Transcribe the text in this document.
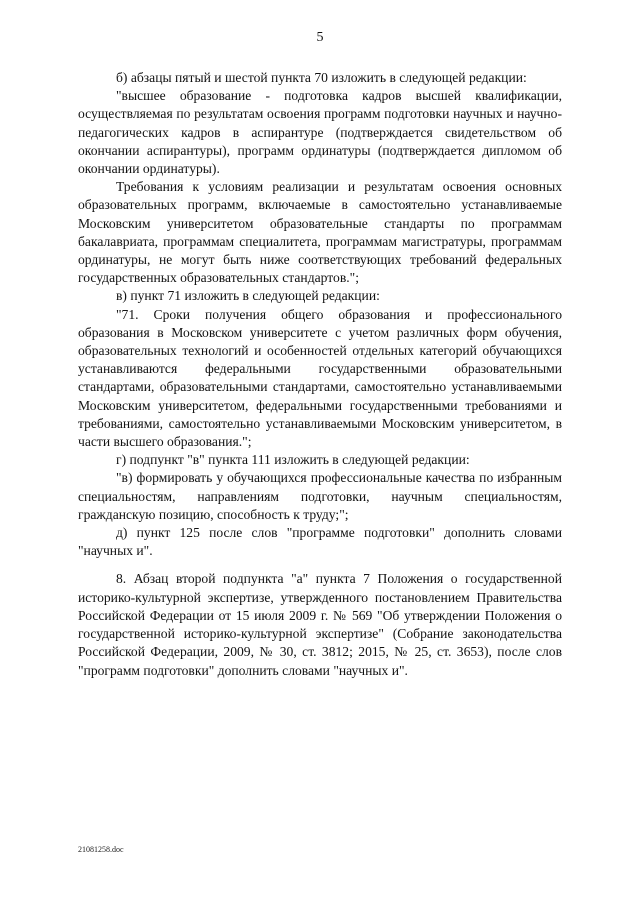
5

б) абзацы пятый и шестой пункта 70 изложить в следующей редакции:

"высшее образование - подготовка кадров высшей квалификации, осуществляемая по результатам освоения программ подготовки научных и научно-педагогических кадров в аспирантуре (подтверждается свидетельством об окончании аспирантуры), программ ординатуры (подтверждается дипломом об окончании ординатуры).

Требования к условиям реализации и результатам освоения основных образовательных программ, включаемые в самостоятельно устанавливаемые Московским университетом образовательные стандарты по программам бакалавриата, программам специалитета, программам магистратуры, программам ординатуры, не могут быть ниже соответствующих требований федеральных государственных образовательных стандартов.";

в) пункт 71 изложить в следующей редакции:

"71. Сроки получения общего образования и профессионального образования в Московском университете с учетом различных форм обучения, образовательных технологий и особенностей отдельных категорий обучающихся устанавливаются федеральными государственными образовательными стандартами, образовательными стандартами, самостоятельно устанавливаемыми Московским университетом, федеральными государственными требованиями и требованиями, самостоятельно устанавливаемыми Московским университетом, в части высшего образования.";

г) подпункт "в" пункта 111 изложить в следующей редакции:

"в) формировать у обучающихся профессиональные качества по избранным специальностям, направлениям подготовки, научным специальностям, гражданскую позицию, способность к труду;";

д) пункт 125 после слов "программе подготовки" дополнить словами "научных и".

8. Абзац второй подпункта "а" пункта 7 Положения о государственной историко-культурной экспертизе, утвержденного постановлением Правительства Российской Федерации от 15 июля 2009 г. № 569 "Об утверждении Положения о государственной историко-культурной экспертизе" (Собрание законодательства Российской Федерации, 2009, № 30, ст. 3812; 2015, № 25, ст. 3653), после слов "программ подготовки" дополнить словами "научных и".

21081258.doc
